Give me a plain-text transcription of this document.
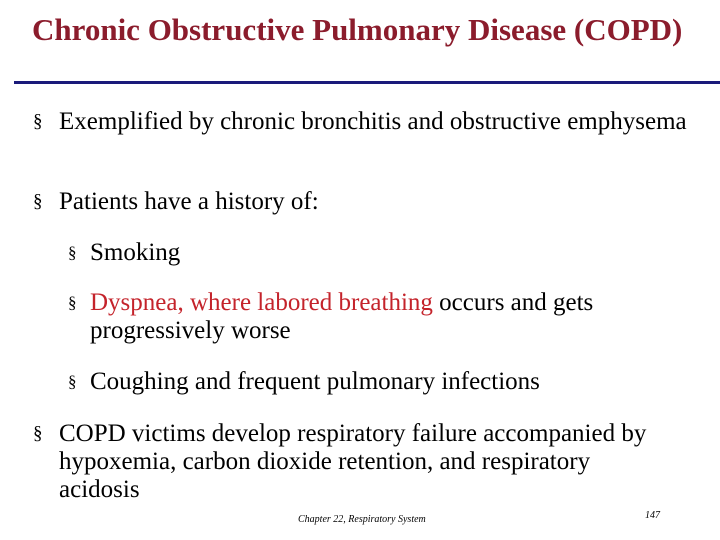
Chronic Obstructive Pulmonary Disease (COPD)
§ Exemplified by chronic bronchitis and obstructive emphysema
§ Patients have a history of:
§ Smoking
§ Dyspnea, where labored breathing occurs and gets progressively worse
§ Coughing and frequent pulmonary infections
§ COPD victims develop respiratory failure accompanied by hypoxemia, carbon dioxide retention, and respiratory acidosis
Chapter 22, Respiratory System	147
